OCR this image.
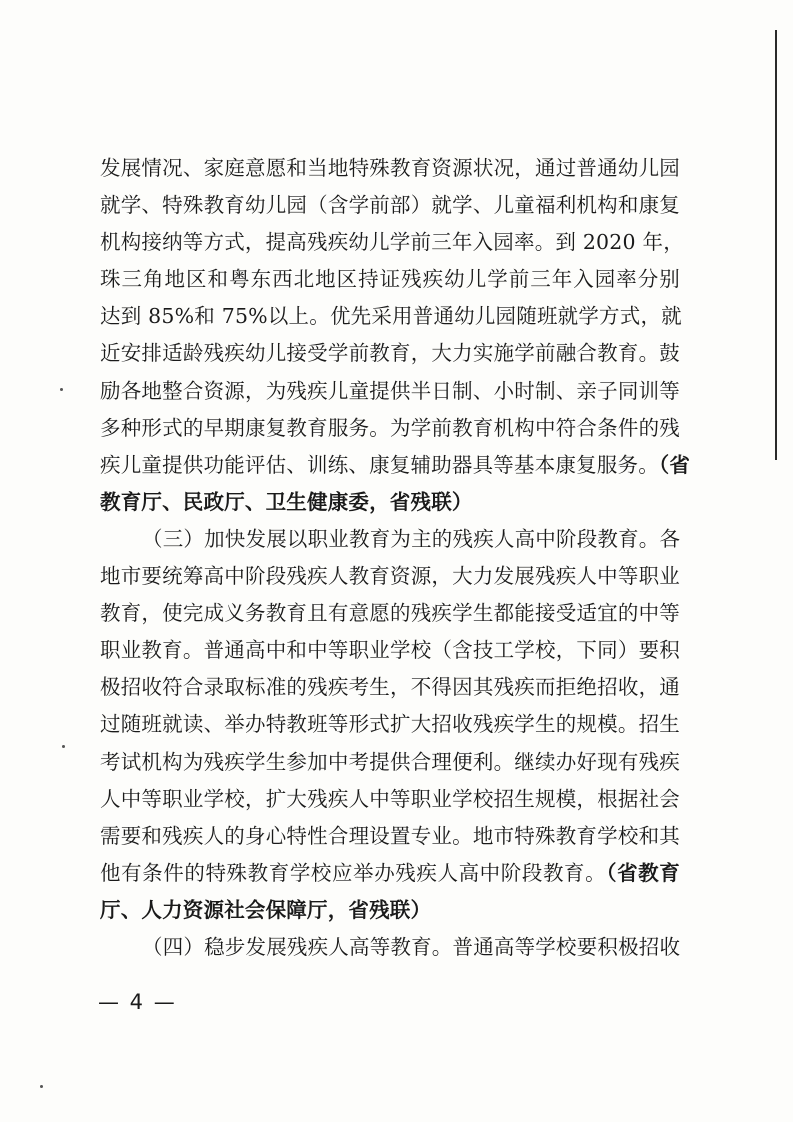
发展情况、家庭意愿和当地特殊教育资源状况，通过普通幼儿园
就学、特殊教育幼儿园（含学前部）就学、儿童福利机构和康复
机构接纳等方式，提高残疾幼儿学前三年入园率。到 2020 年，
珠三角地区和粤东西北地区持证残疾幼儿学前三年入园率分别
达到 85%和 75%以上。优先采用普通幼儿园随班就学方式，就
近安排适龄残疾幼儿接受学前教育，大力实施学前融合教育。鼓
励各地整合资源，为残疾儿童提供半日制、小时制、亲子同训等
多种形式的早期康复教育服务。为学前教育机构中符合条件的残
疾儿童提供功能评估、训练、康复辅助器具等基本康复服务。（省
教育厅、民政厅、卫生健康委，省残联）
（三）加快发展以职业教育为主的残疾人高中阶段教育。各
地市要统筹高中阶段残疾人教育资源，大力发展残疾人中等职业
教育，使完成义务教育且有意愿的残疾学生都能接受适宜的中等
职业教育。普通高中和中等职业学校（含技工学校，下同）要积
极招收符合录取标准的残疾考生，不得因其残疾而拒绝招收，通
过随班就读、举办特教班等形式扩大招收残疾学生的规模。招生
考试机构为残疾学生参加中考提供合理便利。继续办好现有残疾
人中等职业学校，扩大残疾人中等职业学校招生规模，根据社会
需要和残疾人的身心特性合理设置专业。地市特殊教育学校和其
他有条件的特殊教育学校应举办残疾人高中阶段教育。（省教育
厅、人力资源社会保障厅，省残联）
（四）稳步发展残疾人高等教育。普通高等学校要积极招收
— 4 —
